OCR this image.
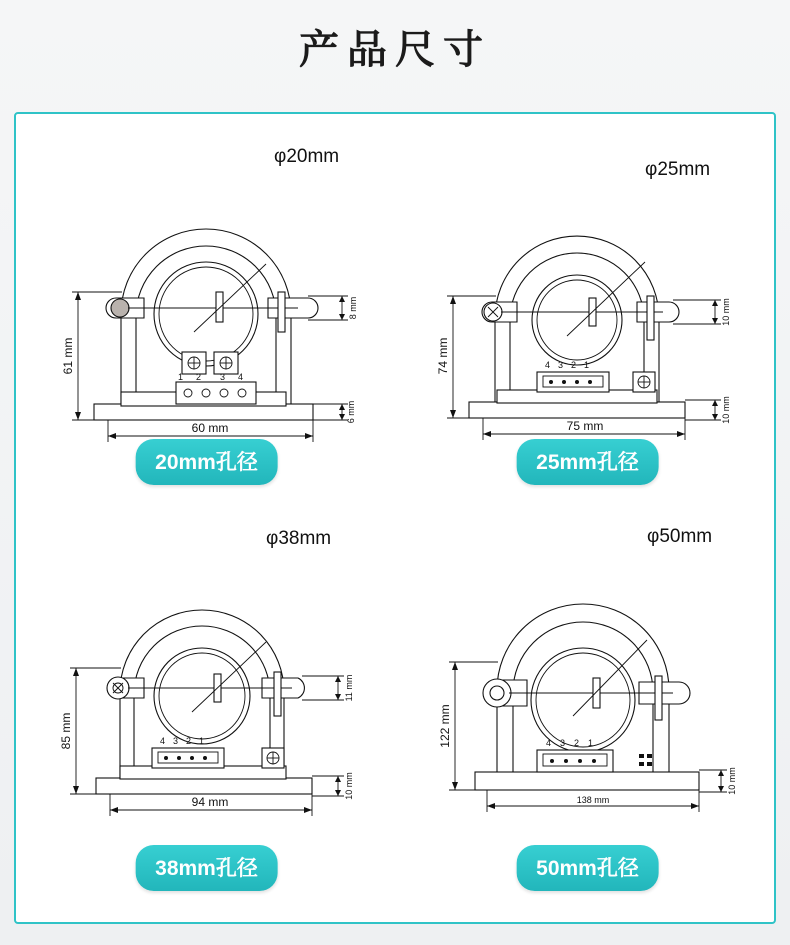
产品尺寸
1 2 3 4
61 mm
60 mm
8 mm
6 mm
φ20mm
20mm孔径
4 3 2 1
74 mm
75 mm
10 mm
10 mm
φ25mm
25mm孔径
4 3 2 1
85 mm
94 mm
11 mm
10 mm
φ38mm
38mm孔径
4 3 2 1
122 mm
138 mm
10 mm
φ50mm
50mm孔径
